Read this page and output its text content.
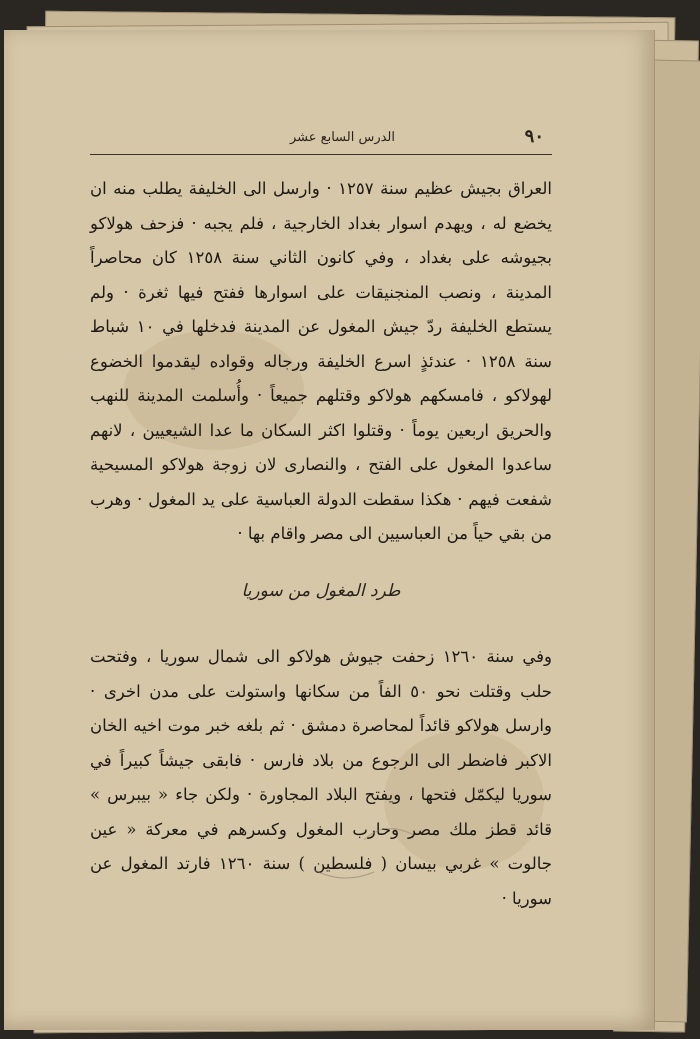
٩٠
الدرس السابع عشر

العراق بجيش عظيم سنة ١٢٥٧ · وارسل الى الخليفة يطلب منه ان يخضع له ، ويهدم اسوار بغداد الخارجية ، فلم يجبه · فزحف هولاكو بجيوشه على بغداد ، وفي كانون الثاني سنة ١٢٥٨ كان محاصراً المدينة ، ونصب المنجنيقات على اسوارها ففتح فيها ثغرة · ولم يستطع الخليفة ردّ جيش المغول عن المدينة فدخلها في ١٠ شباط سنة ١٢٥٨ · عندئذٍ اسرع الخليفة ورجاله وقواده ليقدموا الخضوع لهولاكو ، فامسكهم هولاكو وقتلهم جميعاً · وأُسلمت المدينة للنهب والحريق اربعين يوماً · وقتلوا اكثر السكان ما عدا الشيعيين ، لانهم ساعدوا المغول على الفتح ، والنصارى لان زوجة هولاكو المسيحية شفعت فيهم · هكذا سقطت الدولة العباسية على يد المغول · وهرب من بقي حياً من العباسيين الى مصر واقام بها ·

طرد المغول من سوريا

وفي سنة ١٢٦٠ زحفت جيوش هولاكو الى شمال سوريا ، وفتحت حلب وقتلت نحو ٥٠ الفاً من سكانها واستولت على مدن اخرى · وارسل هولاكو قائداً لمحاصرة دمشق · ثم بلغه خبر موت اخيه الخان الاكبر فاضطر الى الرجوع من بلاد فارس · فابقى جيشاً كبيراً في سوريا ليكمّل فتحها ، ويفتح البلاد المجاورة · ولكن جاء « بيبرس » قائد قطز ملك مصر وحارب المغول وكسرهم في معركة « عين جالوت » غربي بيسان ( فلسطين ) سنة ١٢٦٠ فارتد المغول عن سوريا ·
